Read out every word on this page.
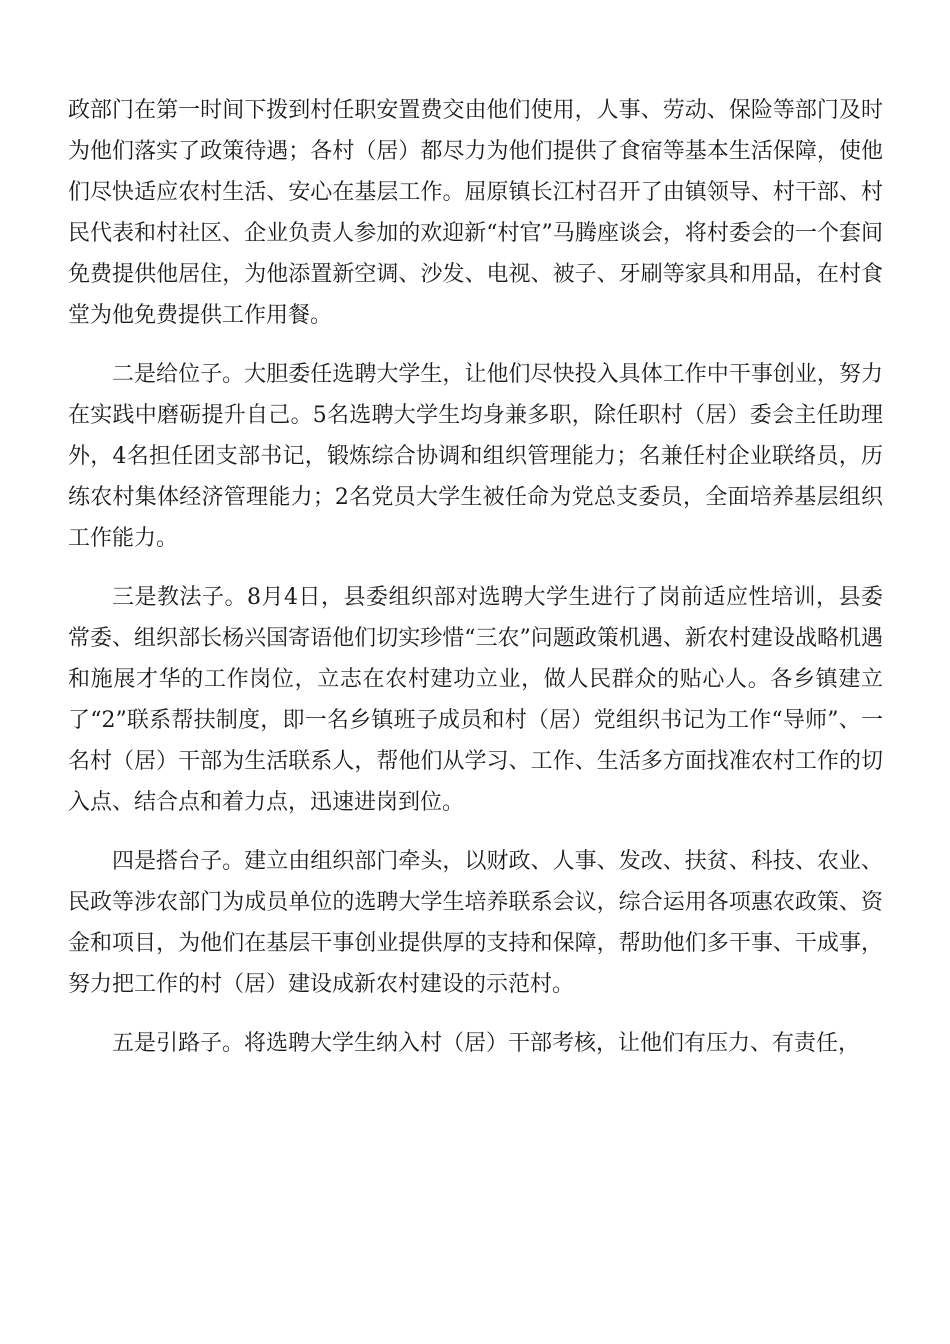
政部门在第一时间下拨到村任职安置费交由他们使用，人事、劳动、保险等部门及时为他们落实了政策待遇；各村（居）都尽力为他们提供了食宿等基本生活保障，使他们尽快适应农村生活、安心在基层工作。屈原镇长江村召开了由镇领导、村干部、村民代表和村社区、企业负责人参加的欢迎新“村官”马腾座谈会，将村委会的一个套间免费提供他居住，为他添置新空调、沙发、电视、被子、牙刷等家具和用品，在村食堂为他免费提供工作用餐。

二是给位子。大胆委任选聘大学生，让他们尽快投入具体工作中干事创业，努力在实践中磨砺提升自己。5名选聘大学生均身兼多职，除任职村（居）委会主任助理外，4名担任团支部书记，锻炼综合协调和组织管理能力；名兼任村企业联络员，历练农村集体经济管理能力；2名党员大学生被任命为党总支委员，全面培养基层组织工作能力。

三是教法子。8月4日，县委组织部对选聘大学生进行了岗前适应性培训，县委常委、组织部长杨兴国寄语他们切实珍惜“三农”问题政策机遇、新农村建设战略机遇和施展才华的工作岗位，立志在农村建功立业，做人民群众的贴心人。各乡镇建立了“2”联系帮扶制度，即一名乡镇班子成员和村（居）党组织书记为工作“导师”、一名村（居）干部为生活联系人，帮他们从学习、工作、生活多方面找准农村工作的切入点、结合点和着力点，迅速进岗到位。

四是搭台子。建立由组织部门牵头，以财政、人事、发改、扶贫、科技、农业、民政等涉农部门为成员单位的选聘大学生培养联系会议，综合运用各项惠农政策、资金和项目，为他们在基层干事创业提供厚的支持和保障，帮助他们多干事、干成事，努力把工作的村（居）建设成新农村建设的示范村。

五是引路子。将选聘大学生纳入村（居）干部考核，让他们有压力、有责任，
